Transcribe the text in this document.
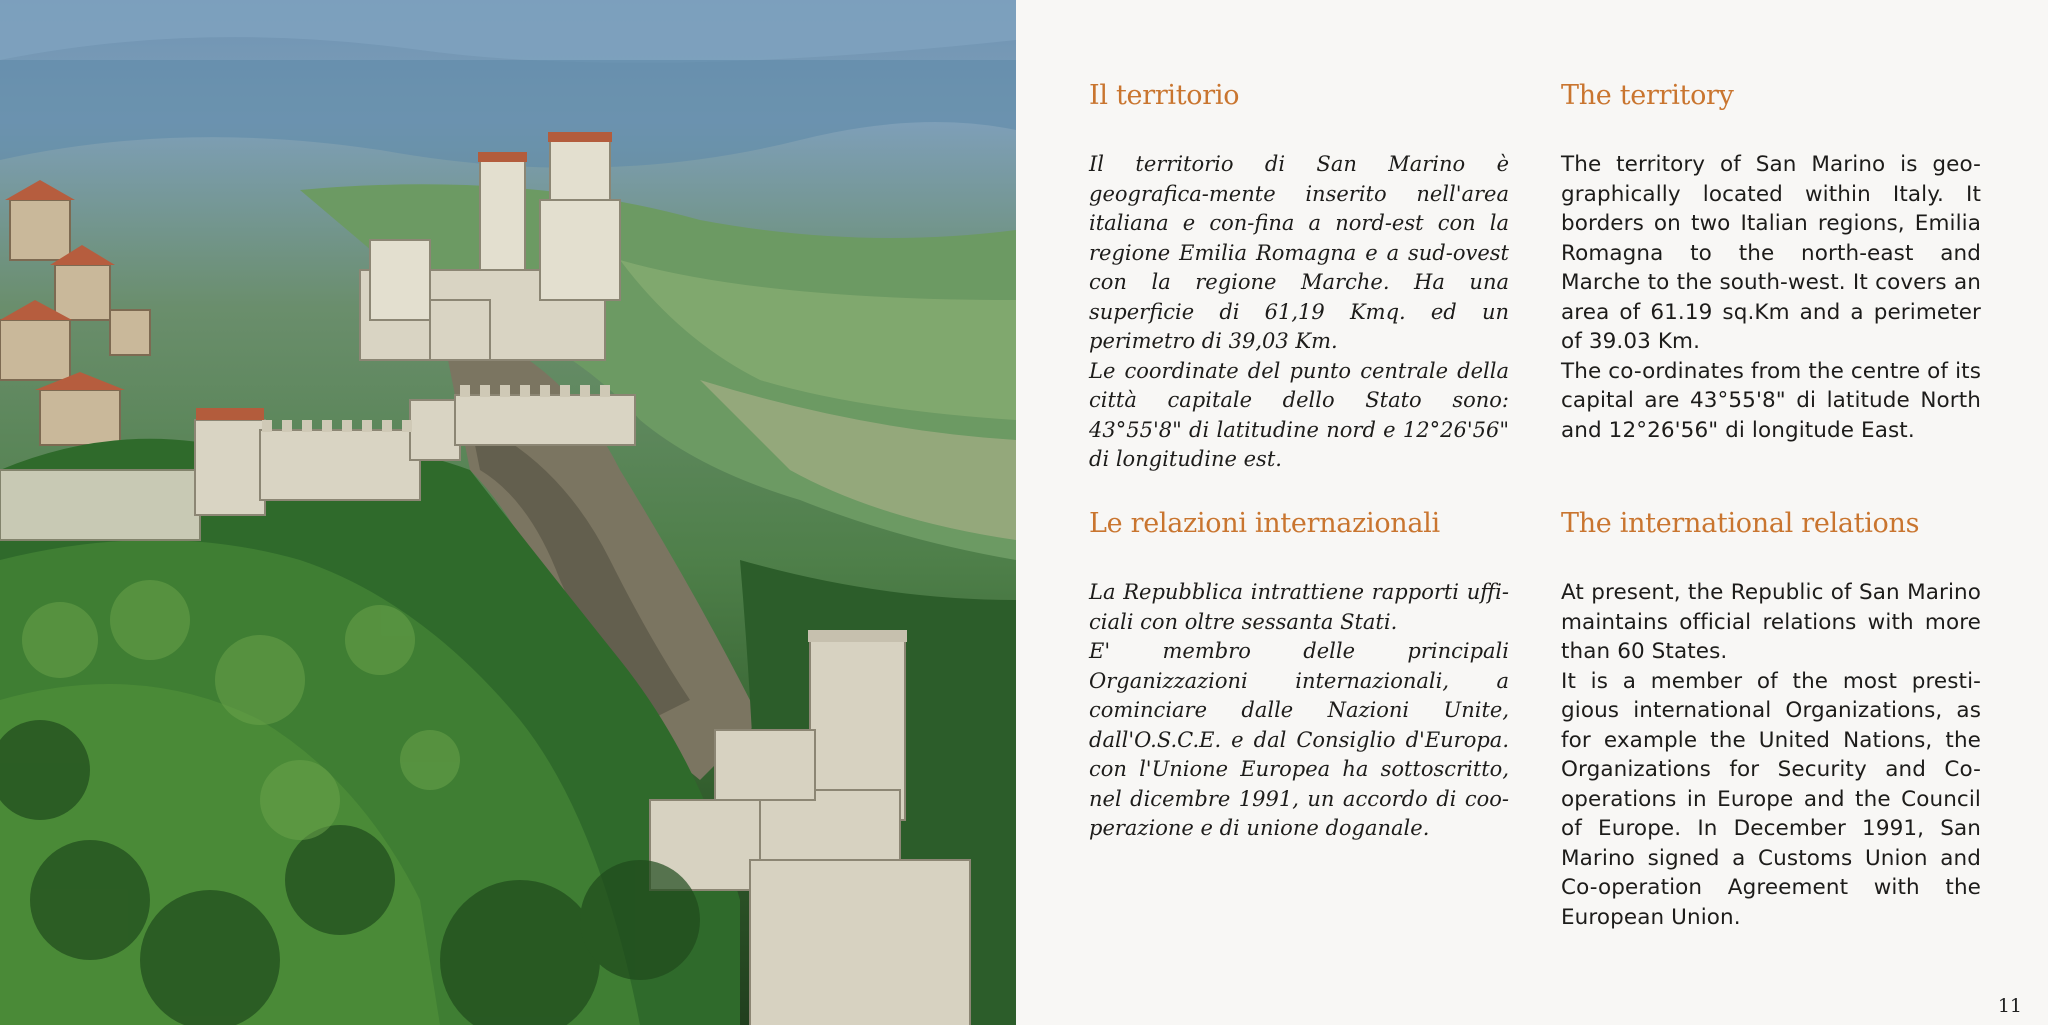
Il territorio

Il territorio di San Marino è geografica-mente inserito nell'area italiana e con-fina a nord-est con la regione Emilia Romagna e a sud-ovest con la regione Marche. Ha una superficie di 61,19 Kmq. ed un perimetro di 39,03 Km.

Le coordinate del punto centrale della città capitale dello Stato sono: 43°55'8" di latitudine nord e 12°26'56" di longitudine est.

Le relazioni internazionali

La Repubblica intrattiene rapporti uffi-ciali con oltre sessanta Stati.

E' membro delle principali Organizzazioni internazionali, a cominciare dalle Nazioni Unite, dall'O.S.C.E. e dal Consiglio d'Europa. con l'Unione Europea ha sottoscritto, nel dicembre 1991, un accordo di coo-perazione e di unione doganale.

The territory

The territory of San Marino is geo-graphically located within Italy. It borders on two Italian regions, Emilia Romagna to the north-east and Marche to the south-west. It covers an area of 61.19 sq.Km and a perimeter of 39.03 Km.

The co-ordinates from the centre of its capital are 43°55'8" di latitude North and 12°26'56" di longitude East.

The international relations

At present, the Republic of San Marino maintains official relations with more than 60 States.

It is a member of the most presti-gious international Organizations, as for example the United Nations, the Organizations for Security and Co-operations in Europe and the Council of Europe. In December 1991, San Marino signed a Customs Union and Co-operation Agreement with the European Union.

11
